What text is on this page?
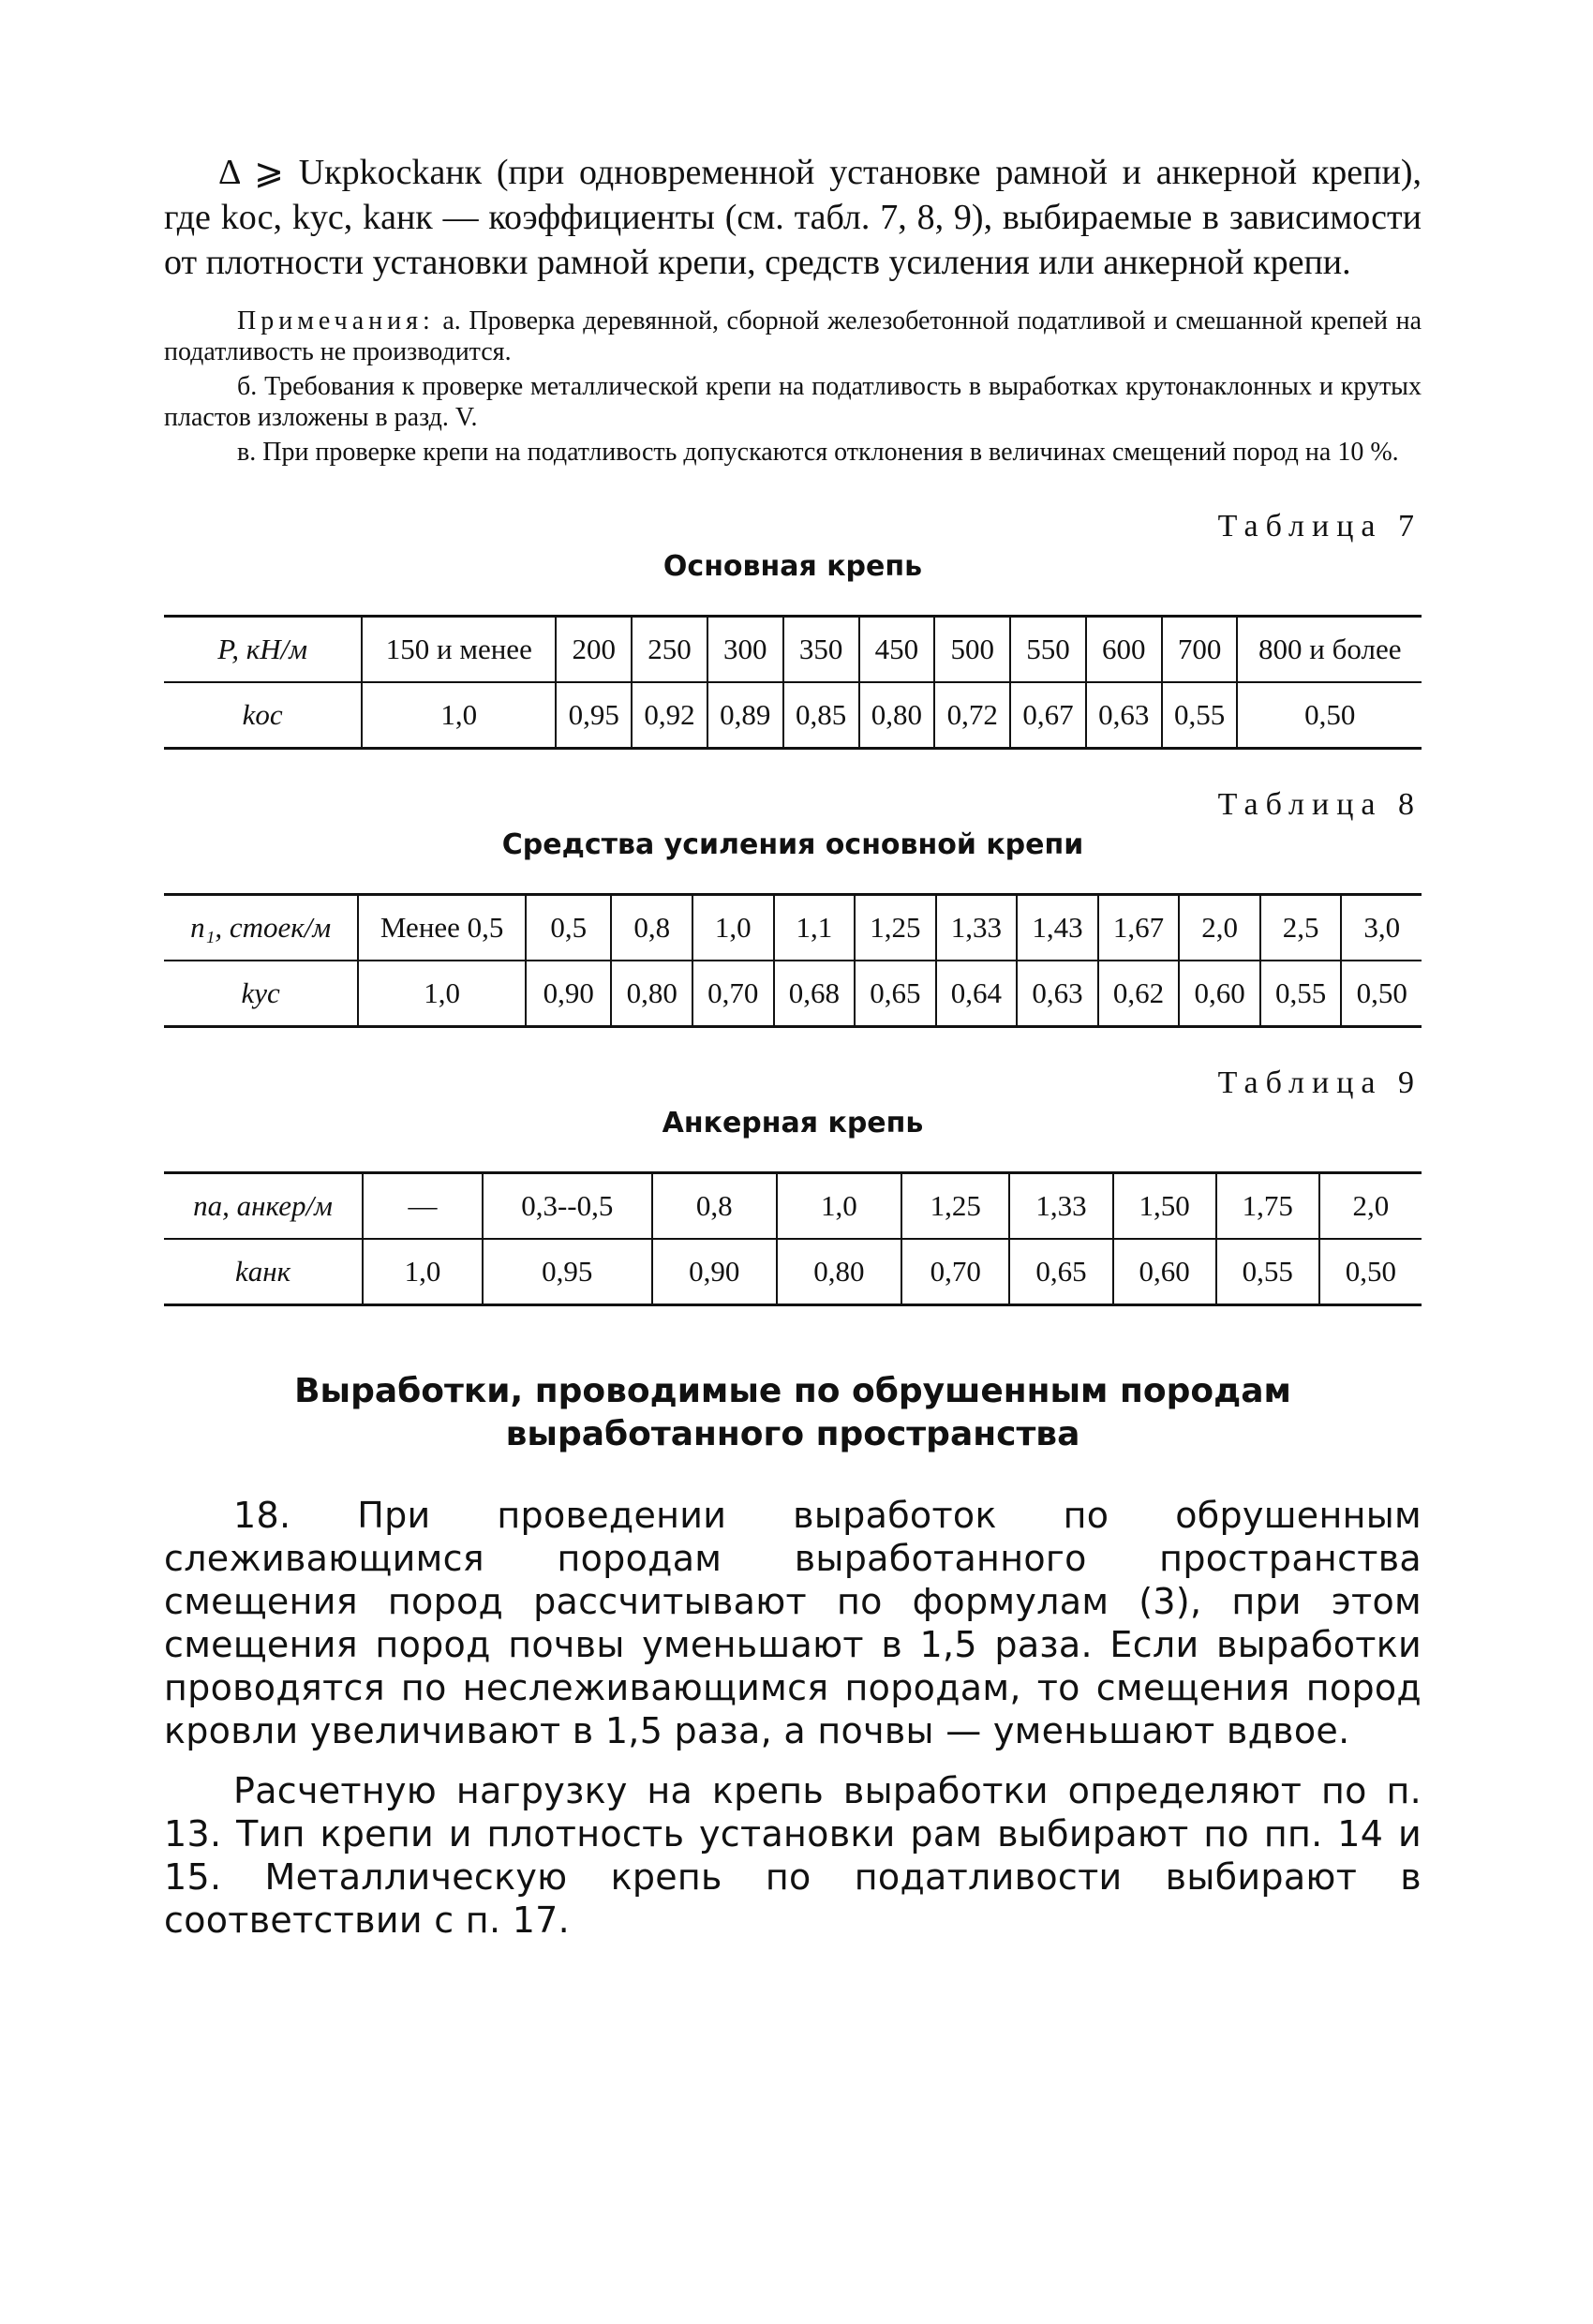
Δ ⩾ Uкрkосkанк (при одновременной установке рамной и анкерной крепи), где kос, kус, kанк — коэффициенты (см. табл. 7, 8, 9), выбираемые в зависимости от плотности установки рамной крепи, средств усиления или анкерной крепи.

Примечания: а. Проверка деревянной, сборной железобетонной податливой и смешанной крепей на податливость не производится.

б. Требования к проверке металлической крепи на податливость в выработках крутонаклонных и крутых пластов изложены в разд. V.

в. При проверке крепи на податливость допускаются отклонения в величинах смещений пород на 10 %.

Таблица 7
Основная крепь
P, кН/м	150 и менее	200	250	300	350	450	500	550	600	700	800 и более
kос	1,0	0,95	0,92	0,89	0,85	0,80	0,72	0,67	0,63	0,55	0,50
Таблица 8
Средства усиления основной крепи
n₁, стоек/м	Менее 0,5	0,5	0,8	1,0	1,1	1,25	1,33	1,43	1,67	2,0	2,5	3,0
kус	1,0	0,90	0,80	0,70	0,68	0,65	0,64	0,63	0,62	0,60	0,55	0,50
Таблица 9
Анкерная крепь
nа, анкер/м	—	0,3--0,5	0,8	1,0	1,25	1,33	1,50	1,75	2,0
kанк	1,0	0,95	0,90	0,80	0,70	0,65	0,60	0,55	0,50
Выработки, проводимые по обрушенным породам
выработанного пространства

18. При проведении выработок по обрушенным слеживающимся породам выработанного пространства смещения пород рассчитывают по формулам (3), при этом смещения пород почвы уменьшают в 1,5 раза. Если выработки проводятся по неслеживающимся породам, то смещения пород кровли увеличивают в 1,5 раза, а почвы — уменьшают вдвое.

Расчетную нагрузку на крепь выработки определяют по п. 13. Тип крепи и плотность установки рам выбирают по пп. 14 и 15. Металлическую крепь по податливости выбирают в соответствии с п. 17.
